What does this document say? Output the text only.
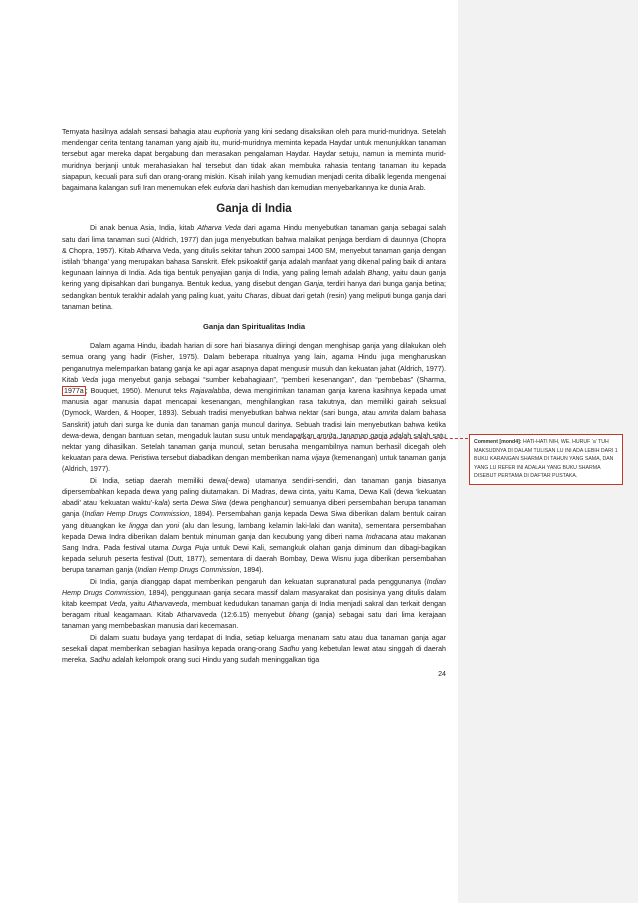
Ternyata hasilnya adalah sensasi bahagia atau euphoria yang kini sedang disaksikan oleh para murid-muridnya. Setelah mendengar cerita tentang tanaman yang ajaib itu, murid-muridnya meminta kepada Haydar untuk menunjukkan tanaman tersebut agar mereka dapat bergabung dan merasakan pengalaman Haydar. Haydar setuju, namun ia meminta murid-muridnya berjanji untuk merahasiakan hal tersebut dan tidak akan membuka rahasia tentang tanaman itu kepada siapapun, kecuali para sufi dan orang-orang miskin. Kisah inilah yang kemudian menjadi cerita dibalik legenda mengenai bagaimana kalangan sufi Iran menemukan efek euforia dari hashish dan kemudian menyebarkannya ke dunia Arab.

Ganja di India

Di anak benua Asia, India, kitab Atharva Veda dari agama Hindu menyebutkan tanaman ganja sebagai salah satu dari lima tanaman suci (Aldrich, 1977) dan juga menyebutkan bahwa malaikat penjaga berdiam di daunnya (Chopra & Chopra, 1957). Kitab Atharva Veda, yang ditulis sekitar tahun 2000 sampai 1400 SM, menyebut tanaman ganja dengan istilah ‘bhanga’ yang merupakan bahasa Sanskrit. Efek psikoaktif ganja adalah manfaat yang dikenal paling baik di antara kegunaan lainnya di India. Ada tiga bentuk penyajian ganja di India, yang paling lemah adalah Bhang, yaitu daun ganja kering yang dipisahkan dari bunganya. Bentuk kedua, yang disebut dengan Ganja, terdiri hanya dari bunga ganja betina; sedangkan bentuk terakhir adalah yang paling kuat, yaitu Charas, dibuat dari getah (resin) yang meliputi bunga ganja dari tanaman betina.

Ganja dan Spiritualitas India

Dalam agama Hindu, ibadah harian di sore hari biasanya diiringi dengan menghisap ganja yang dilakukan oleh semua orang yang hadir (Fisher, 1975). Dalam beberapa ritualnya yang lain, agama Hindu juga mengharuskan penganutnya melemparkan batang ganja ke api agar asapnya dapat mengusir musuh dan kekuatan jahat (Aldrich, 1977). Kitab Veda juga menyebut ganja sebagai “sumber kebahagiaan”, “pemberi kesenangan”, dan “pembebas” (Sharma, 1977a ; Bouquet, 1950). Menurut teks Rajavalabba, dewa mengirimkan tanaman ganja karena kasihnya kepada umat manusia agar manusia dapat mencapai kesenangan, menghilangkan rasa takutnya, dan memiliki gairah seksual (Dymock, Warden, & Hooper, 1893). Sebuah tradisi menyebutkan bahwa nektar (sari bunga, atau amrita dalam bahasa Sanskrit) jatuh dari surga ke dunia dan tanaman ganja muncul darinya. Sebuah tradisi lain menyebutkan bahwa ketika dewa-dewa, dengan bantuan setan, mengaduk lautan susu untuk mendapatkan amrita, tanaman ganja adalah salah satu nektar yang dihasilkan. Setelah tanaman ganja muncul, setan berusaha mengambilnya namun berhasil dicegah oleh kekuatan para dewa. Peristiwa tersebut diabadikan dengan memberikan nama vijaya (kemenangan) untuk tanaman ganja (Aldrich, 1977).

Di India, setiap daerah memiliki dewa(-dewa) utamanya sendiri-sendiri, dan tanaman ganja biasanya dipersembahkan kepada dewa yang paling diutamakan. Di Madras, dewa cinta, yaitu Kama, Dewa Kali (dewa ‘kekuatan abadi’ atau ‘kekuatan waktu’-kala) serta Dewa Siwa (dewa penghancur) semuanya diberi persembahan berupa tanaman ganja (Indian Hemp Drugs Commission, 1894). Persembahan ganja kepada Dewa Siwa diberikan dalam bentuk cairan yang dituangkan ke lingga dan yoni (alu dan lesung, lambang kelamin laki-laki dan wanita), sementara persembahan kepada Dewa Indra diberikan dalam bentuk minuman ganja dan kecubung yang diberi nama Indracana atau makanan Sang Indra. Pada festival utama Durga Puja untuk Dewi Kali, semangkuk olahan ganja diminum dan dibagi-bagikan kepada seluruh peserta festival (Dutt, 1877), sementara di daerah Bombay, Dewa Wisnu juga diberikan persembahan berupa tanaman ganja (Indian Hemp Drugs Commission, 1894).

Di India, ganja dianggap dapat memberikan pengaruh dan kekuatan supranatural pada penggunanya (Indian Hemp Drugs Commission, 1894), penggunaan ganja secara massif dalam masyarakat dan posisinya yang ditulis dalam kitab keempat Veda, yaitu Atharvaveda, membuat kedudukan tanaman ganja di India menjadi sakral dan terkait dengan beragam ritual keagamaan. Kitab Atharvaveda (12:6.15) menyebut bhang (ganja) sebagai satu dari lima kerajaan tanaman yang membebaskan manusia dari kecemasan.

Di dalam suatu budaya yang terdapat di India, setiap keluarga menanam satu atau dua tanaman ganja agar sesekali dapat memberikan sebagian hasilnya kepada orang-orang Sadhu yang kebetulan lewat atau singgah di daerah mereka. Sadhu adalah kelompok orang suci Hindu yang sudah meninggalkan tiga

24
Comment [mond4]: HATI-HATI NIH, WE. HURUF ‘a’ TUH MAKSUDNYA DI DALAM TULISAN LU INI ADA LEBIH DARI 1 BUKU KARANGAN SHARMA DI TAHUN YANG SAMA, DAN YANG LU REFER INI ADALAH YANG BUKU SHARMA DISEBUT PERTAMA DI DAFTAR PUSTAKA.
